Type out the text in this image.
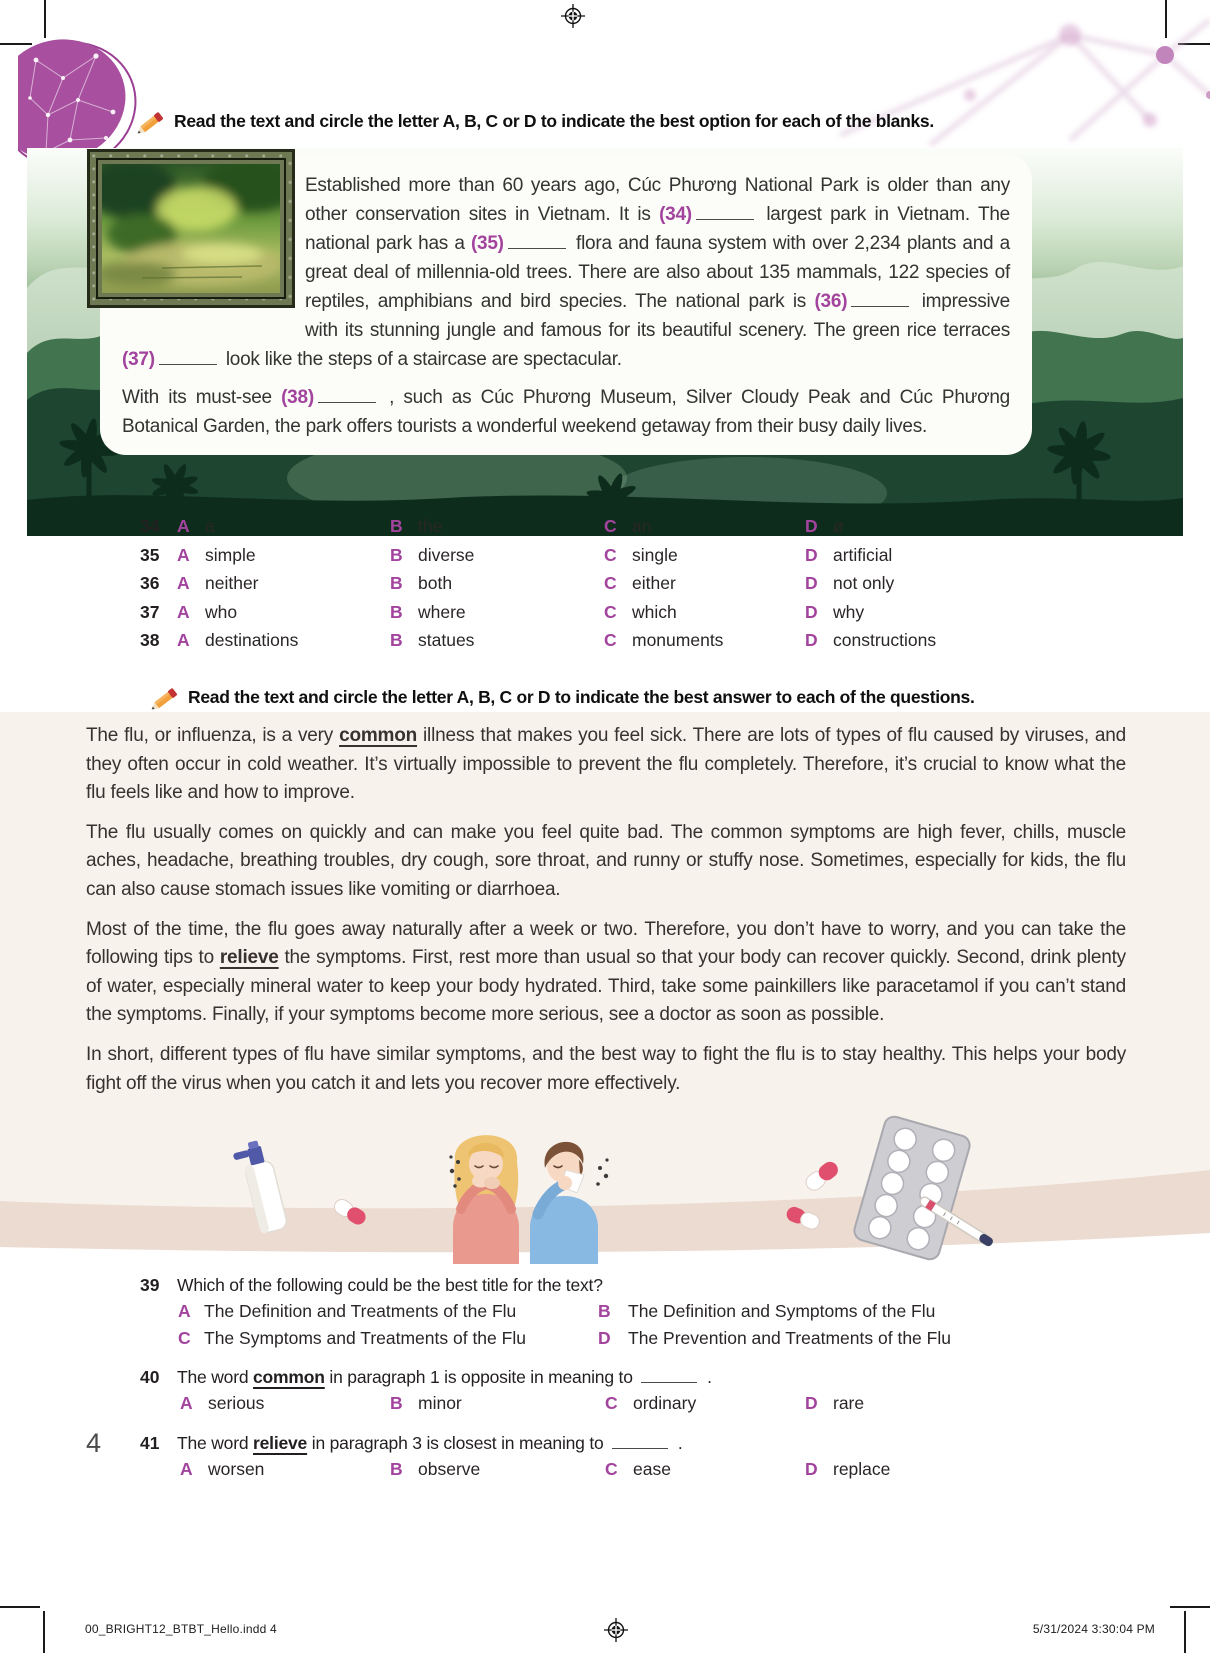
Read the text and circle the letter A, B, C or D to indicate the best option for each of the blanks.

Established more than 60 years ago, Cúc Phương National Park is older than any other conservation sites in Vietnam. It is (34)	largest park in Vietnam. The national park has a (35)	flora and fauna system with over 2,234 plants and a great deal of millennia-old trees. There are also about 135 mammals, 122 species of reptiles, amphibians and bird species. The national park is (36)	impressive with its stunning jungle and famous for its beautiful scenery. The green rice terraces (37)	look like the steps of a staircase are spectacular.

With its must-see (38)	, such as Cúc Phương Museum, Silver Cloudy Peak and Cúc Phương Botanical Garden, the park offers tourists a wonderful weekend getaway from their busy daily lives.

34	A a	B the	C an	D ø
35	A simple	B diverse	C single	D artificial
36	A neither	B both	C either	D not only
37	A who	B where	C which	D why
38	A destinations	B statues	C monuments	D constructions
Read the text and circle the letter A, B, C or D to indicate the best answer to each of the questions.

The flu, or influenza, is a very common illness that makes you feel sick. There are lots of types of flu caused by viruses, and they often occur in cold weather. It’s virtually impossible to prevent the flu completely. Therefore, it’s crucial to know what the flu feels like and how to improve.

The flu usually comes on quickly and can make you feel quite bad. The common symptoms are high fever, chills, muscle aches, headache, breathing troubles, dry cough, sore throat, and runny or stuffy nose. Sometimes, especially for kids, the flu can also cause stomach issues like vomiting or diarrhoea.

Most of the time, the flu goes away naturally after a week or two. Therefore, you don’t have to worry, and you can take the following tips to relieve the symptoms. First, rest more than usual so that your body can recover quickly. Second, drink plenty of water, especially mineral water to keep your body hydrated. Third, take some painkillers like paracetamol if you can’t stand the symptoms. Finally, if your symptoms become more serious, see a doctor as soon as possible.

In short, different types of flu have similar symptoms, and the best way to fight the flu is to stay healthy. This helps your body fight off the virus when you catch it and lets you recover more effectively.

39	Which of the following could be the best title for the text?
A The Definition and Treatments of the Flu	B The Definition and Symptoms of the Flu
C The Symptoms and Treatments of the Flu	D The Prevention and Treatments of the Flu
40	The word common in paragraph 1 is opposite in meaning to	.
A serious	B minor	C ordinary	D rare
41	The word relieve in paragraph 3 is closest in meaning to	.
A worsen	B observe	C ease	D replace
4
00_BRIGHT12_BTBT_Hello.indd 4	5/31/2024 3:30:04 PM
